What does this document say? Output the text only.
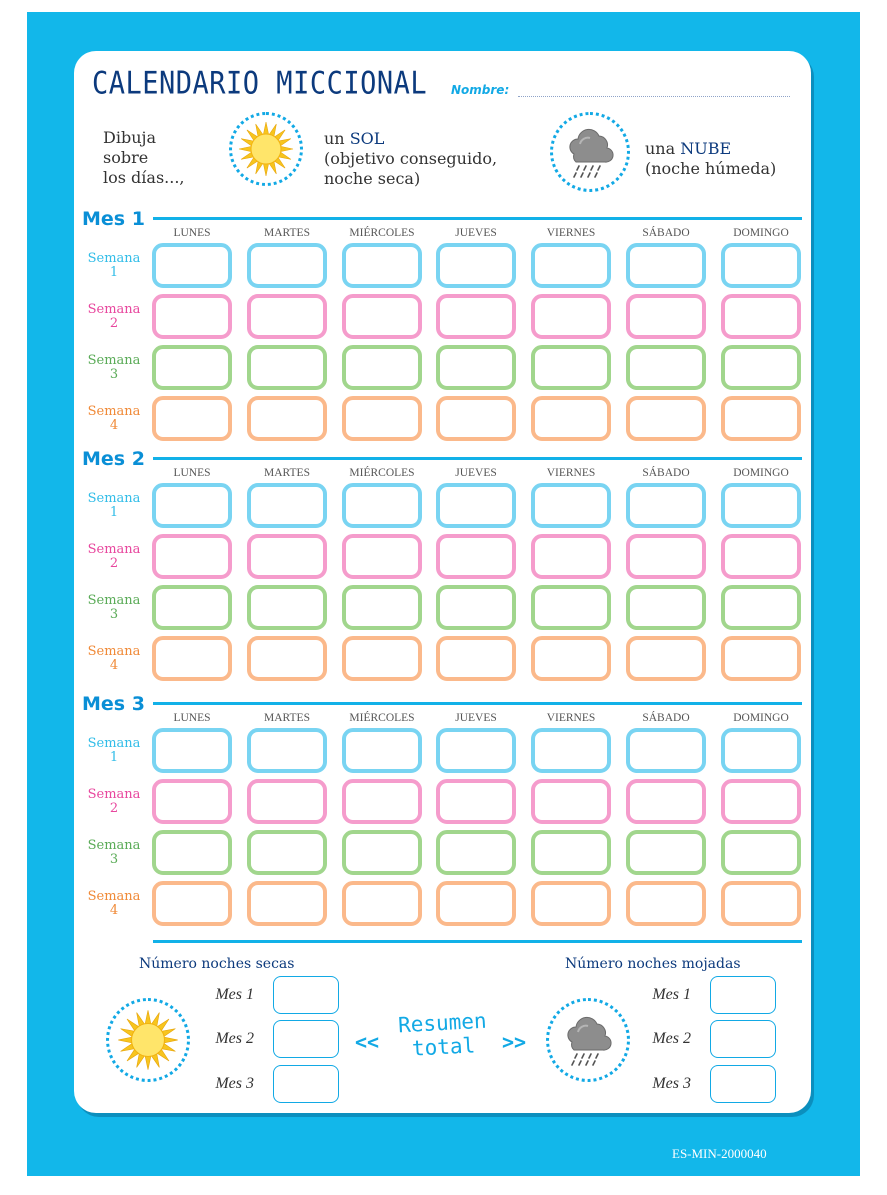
CALENDARIO MICCIONAL Nombre:
Dibuja
sobre
los días...,
un SOL
(objetivo conseguido,
noche seca)
una NUBE
(noche húmeda)
Mes 1
LUNES	MARTES	MIÉRCOLES	JUEVES	VIERNES	SÁBADO	DOMINGO
Semana
1
Semana
2
Semana
3
Semana
4
Mes 2
LUNES	MARTES	MIÉRCOLES	JUEVES	VIERNES	SÁBADO	DOMINGO
Semana
1
Semana
2
Semana
3
Semana
4
Mes 3
LUNES	MARTES	MIÉRCOLES	JUEVES	VIERNES	SÁBADO	DOMINGO
Semana
1
Semana
2
Semana
3
Semana
4
Número noches secas	Número noches mojadas
Mes 1	Mes 1
Mes 2	Mes 2
Mes 3	Mes 3
<<	>>
Resumen
total
ES-MIN-2000040
